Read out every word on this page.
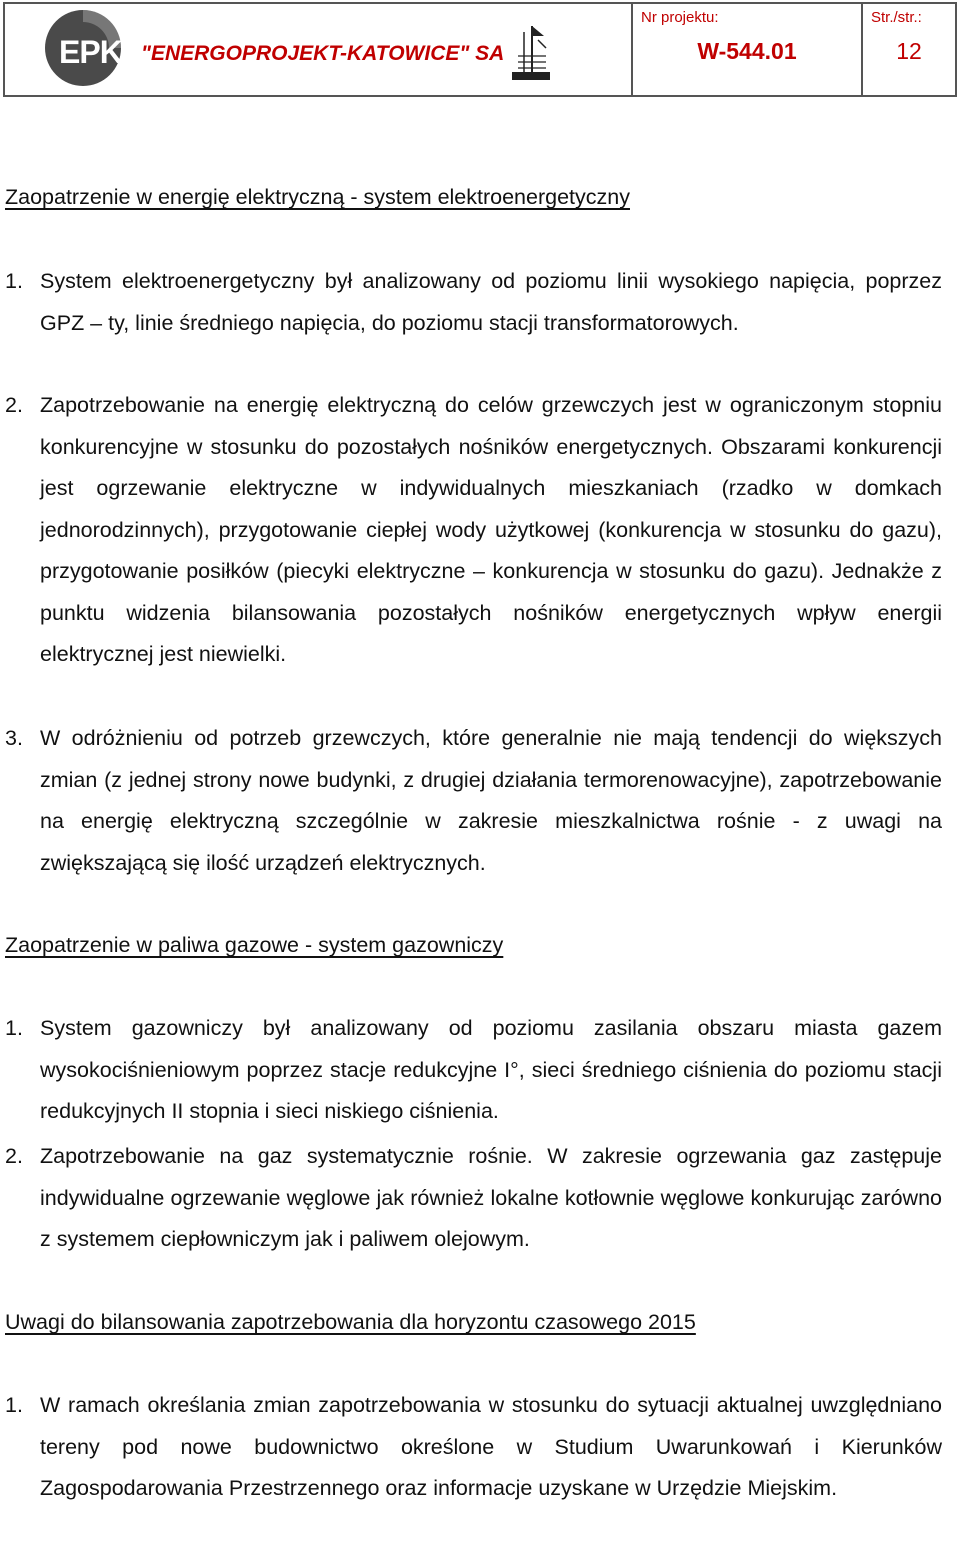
EPK "ENERGOPROJEKT-KATOWICE" SA
Nr projektu:
W-544.01
Str./str.:
12
Zaopatrzenie w energię elektryczną - system elektroenergetyczny
1. System elektroenergetyczny był analizowany od poziomu linii wysokiego napięcia, poprzez GPZ – ty, linie średniego napięcia, do poziomu stacji transformatorowych.
2. Zapotrzebowanie na energię elektryczną do celów grzewczych jest w ograniczonym stopniu konkurencyjne w stosunku do pozostałych nośników energetycznych. Obszarami konkurencji jest ogrzewanie elektryczne w indywidualnych mieszkaniach (rzadko w domkach jednorodzinnych), przygotowanie ciepłej wody użytkowej (konkurencja w stosunku do gazu), przygotowanie posiłków (piecyki elektryczne – konkurencja w stosunku do gazu). Jednakże z punktu widzenia bilansowania pozostałych nośników energetycznych wpływ energii elektrycznej jest niewielki.
3. W odróżnieniu od potrzeb grzewczych, które generalnie nie mają tendencji do większych zmian (z jednej strony nowe budynki, z drugiej działania termorenowacyjne), zapotrzebowanie na energię elektryczną szczególnie w zakresie mieszkalnictwa rośnie - z uwagi na zwiększającą się ilość urządzeń elektrycznych.
Zaopatrzenie w paliwa gazowe - system gazowniczy
1. System gazowniczy był analizowany od poziomu zasilania obszaru miasta gazem wysokociśnieniowym poprzez stacje redukcyjne I°, sieci średniego ciśnienia do poziomu stacji redukcyjnych II stopnia i sieci niskiego ciśnienia.
2. Zapotrzebowanie na gaz systematycznie rośnie. W zakresie ogrzewania gaz zastępuje indywidualne ogrzewanie węglowe jak również lokalne kotłownie węglowe konkurując zarówno z systemem ciepłowniczym jak i paliwem olejowym.
Uwagi do bilansowania zapotrzebowania dla horyzontu czasowego 2015
1. W ramach określania zmian zapotrzebowania w stosunku do sytuacji aktualnej uwzględniano tereny pod nowe budownictwo określone w Studium Uwarunkowań i Kierunków Zagospodarowania Przestrzennego oraz informacje uzyskane w Urzędzie Miejskim.
